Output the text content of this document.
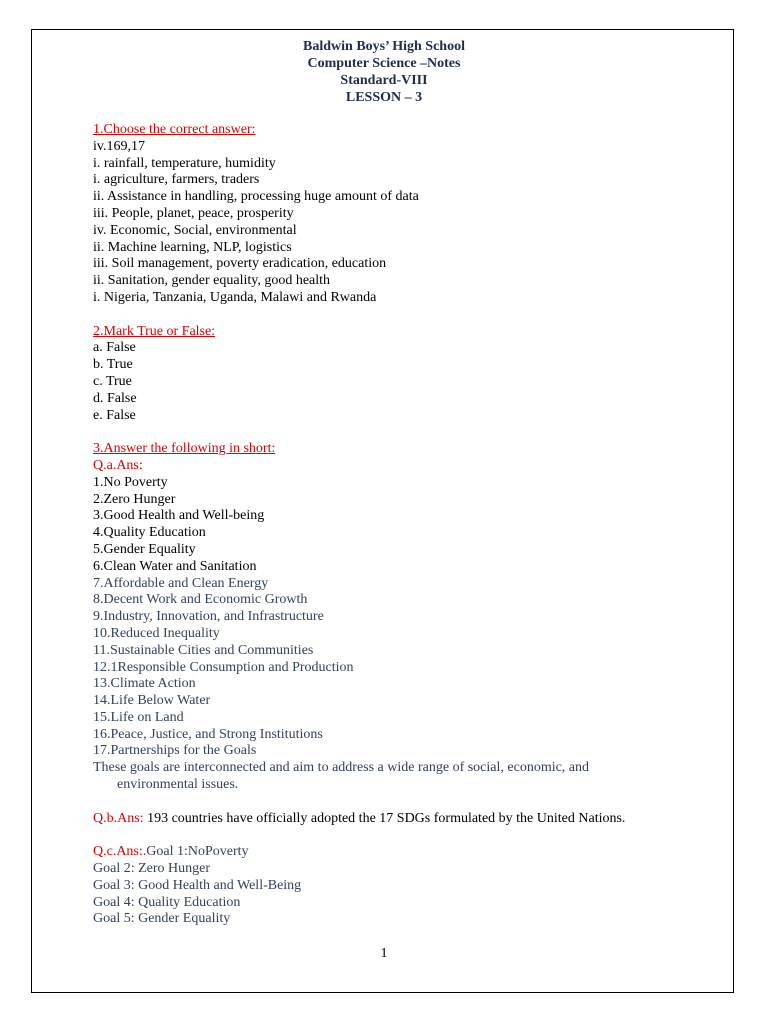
Baldwin Boys’ High School
Computer Science –Notes
Standard-VIII
LESSON – 3
1.Choose the correct answer:
iv.169,17
i. rainfall, temperature, humidity
i. agriculture, farmers, traders
ii. Assistance in handling, processing huge amount of data
iii. People, planet, peace, prosperity
iv. Economic, Social, environmental
ii. Machine learning, NLP, logistics
iii. Soil management, poverty eradication, education
ii. Sanitation, gender equality, good health
i. Nigeria, Tanzania, Uganda, Malawi and Rwanda
2.Mark True or False:
a. False
b. True
c. True
d. False
e. False
3.Answer the following in short:
Q.a.Ans:
1.No Poverty
2.Zero Hunger
3.Good Health and Well-being
4.Quality Education
5.Gender Equality
6.Clean Water and Sanitation
7.Affordable and Clean Energy
8.Decent Work and Economic Growth
9.Industry, Innovation, and Infrastructure
10.Reduced Inequality
11.Sustainable Cities and Communities
12.1Responsible Consumption and Production
13.Climate Action
14.Life Below Water
15.Life on Land
16.Peace, Justice, and Strong Institutions
17.Partnerships for the Goals
These goals are interconnected and aim to address a wide range of social, economic, and environmental issues.
Q.b.Ans: 193 countries have officially adopted the 17 SDGs formulated by the United Nations.
Q.c.Ans:.Goal 1:NoPoverty
Goal 2: Zero Hunger
Goal 3: Good Health and Well-Being
Goal 4: Quality Education
Goal 5: Gender Equality
1
